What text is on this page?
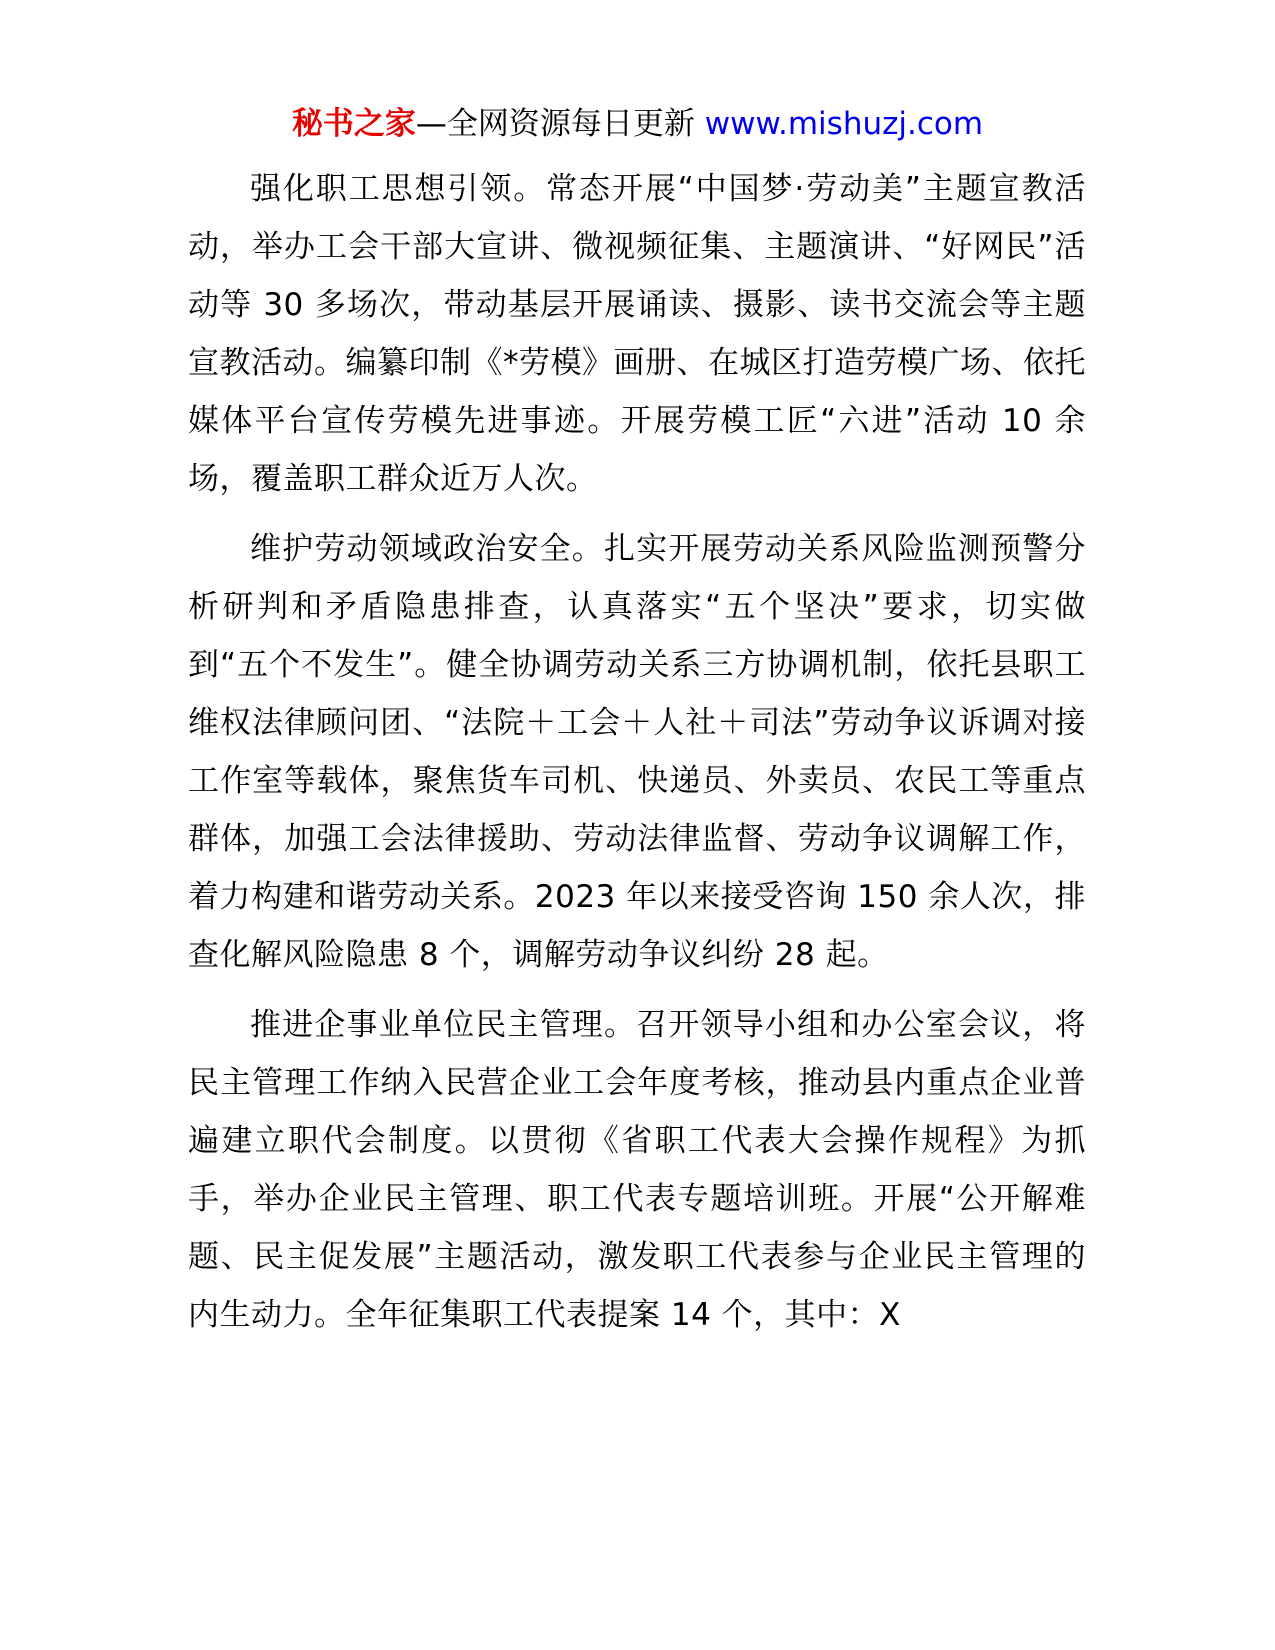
秘书之家—全网资源每日更新 www.mishuzj.com

强化职工思想引领。常态开展“中国梦·劳动美”主题宣教活动，举办工会干部大宣讲、微视频征集、主题演讲、“好网民”活动等 30 多场次，带动基层开展诵读、摄影、读书交流会等主题宣教活动。编纂印制《*劳模》画册、在城区打造劳模广场、依托媒体平台宣传劳模先进事迹。开展劳模工匠“六进”活动 10 余场，覆盖职工群众近万人次。

维护劳动领域政治安全。扎实开展劳动关系风险监测预警分析研判和矛盾隐患排查，认真落实“五个坚决”要求，切实做到“五个不发生”。健全协调劳动关系三方协调机制，依托县职工维权法律顾问团、“法院＋工会＋人社＋司法”劳动争议诉调对接工作室等载体，聚焦货车司机、快递员、外卖员、农民工等重点群体，加强工会法律援助、劳动法律监督、劳动争议调解工作，着力构建和谐劳动关系。2023 年以来接受咨询 150 余人次，排查化解风险隐患 8 个，调解劳动争议纠纷 28 起。

推进企事业单位民主管理。召开领导小组和办公室会议，将民主管理工作纳入民营企业工会年度考核，推动县内重点企业普遍建立职代会制度。以贯彻《省职工代表大会操作规程》为抓手，举办企业民主管理、职工代表专题培训班。开展“公开解难题、民主促发展”主题活动，激发职工代表参与企业民主管理的内生动力。全年征集职工代表提案 14 个，其中：X
